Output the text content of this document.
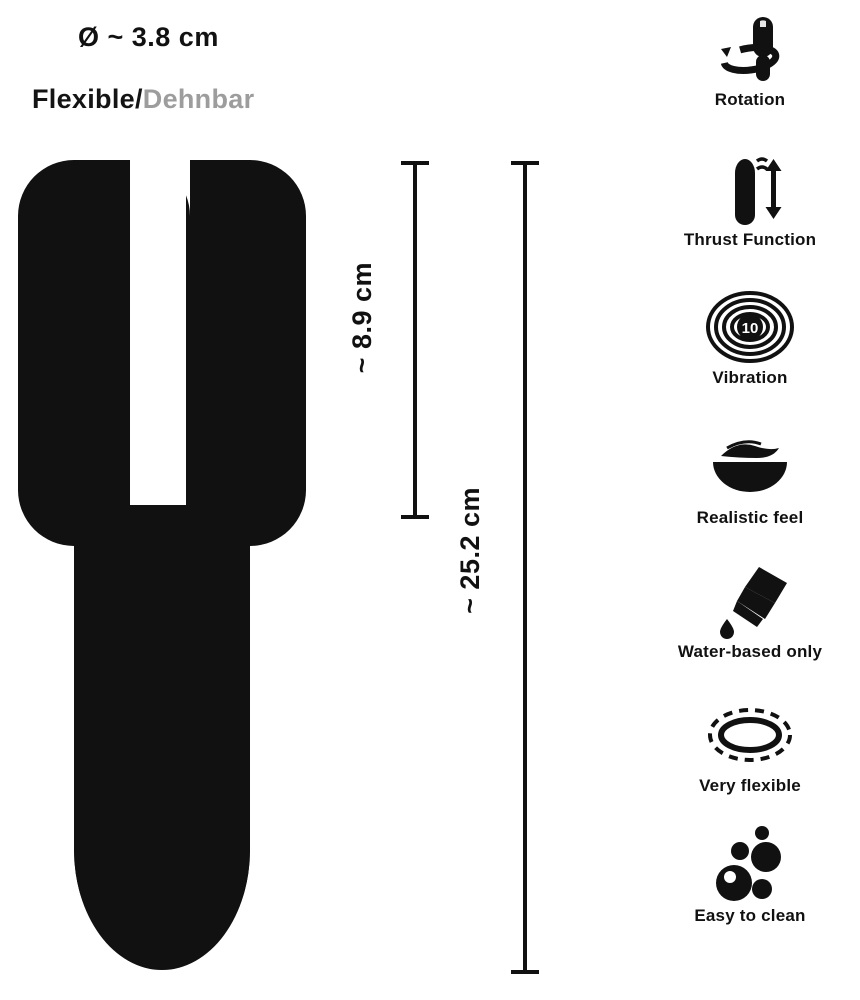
Ø ~ 3.8 cm
Flexible/Dehnbar
~ 8.9 cm
~ 25.2 cm
Rotation
Thrust Function
10
Vibration
Realistic feel
Water-based only
Very flexible
Easy to clean
